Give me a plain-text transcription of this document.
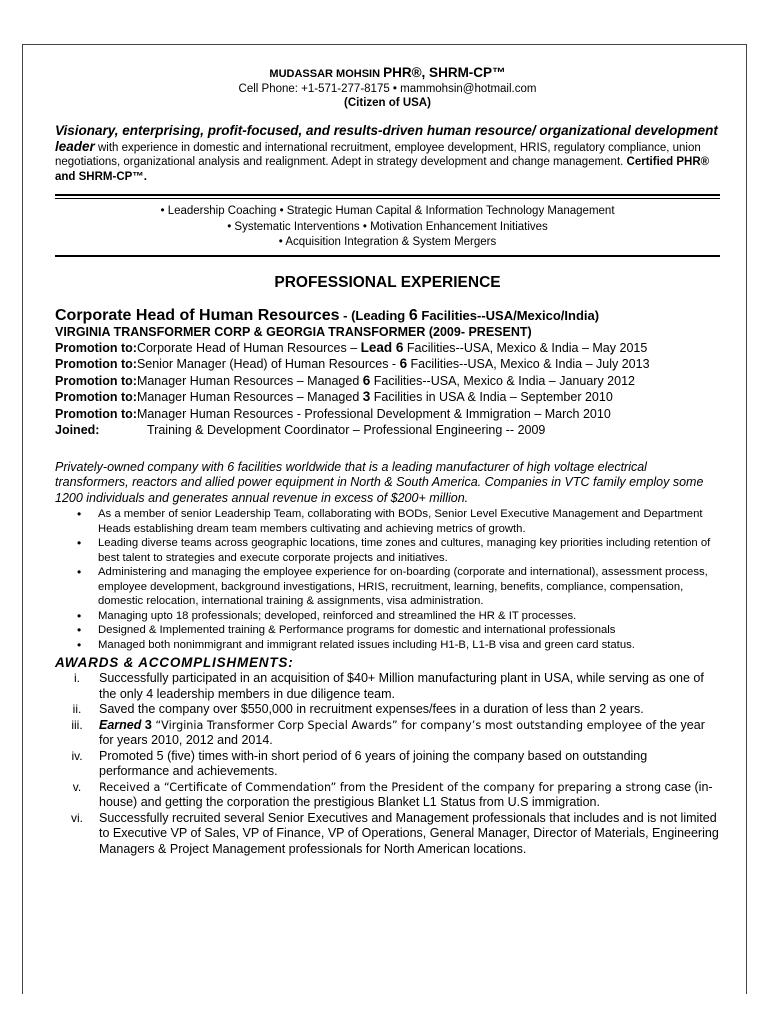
MUDASSAR MOHSIN PHR®, SHRM-CP™
Cell Phone: +1-571-277-8175 • mammohsin@hotmail.com
(Citizen of USA)
Visionary, enterprising, profit-focused, and results-driven human resource/ organizational development leader with experience in domestic and international recruitment, employee development, HRIS, regulatory compliance, union negotiations, organizational analysis and realignment. Adept in strategy development and change management. Certified PHR® and SHRM-CP™.
• Leadership Coaching • Strategic Human Capital & Information Technology Management
• Systematic Interventions • Motivation Enhancement Initiatives
• Acquisition Integration & System Mergers
PROFESSIONAL EXPERIENCE
Corporate Head of Human Resources - (Leading 6 Facilities--USA/Mexico/India)
VIRGINIA TRANSFORMER CORP & GEORGIA TRANSFORMER (2009- PRESENT)
Promotion to: Corporate Head of Human Resources – Lead 6 Facilities--USA, Mexico & India – May 2015
Promotion to: Senior Manager (Head) of Human Resources - 6 Facilities--USA, Mexico & India – July 2013
Promotion to: Manager Human Resources – Managed 6 Facilities--USA, Mexico & India – January 2012
Promotion to: Manager Human Resources – Managed 3 Facilities in USA & India – September 2010
Promotion to: Manager Human Resources - Professional Development & Immigration – March 2010
Joined:	Training & Development Coordinator – Professional Engineering -- 2009
Privately-owned company with 6 facilities worldwide that is a leading manufacturer of high voltage electrical transformers, reactors and allied power equipment in North & South America. Companies in VTC family employ some 1200 individuals and generates annual revenue in excess of $200+ million.
• As a member of senior Leadership Team, collaborating with BODs, Senior Level Executive Management and Department Heads establishing dream team members cultivating and achieving metrics of growth.
• Leading diverse teams across geographic locations, time zones and cultures, managing key priorities including retention of best talent to strategies and execute corporate projects and initiatives.
• Administering and managing the employee experience for on-boarding (corporate and international), assessment process, employee development, background investigations, HRIS, recruitment, learning, benefits, compliance, compensation, domestic relocation, international training & assignments, visa administration.
• Managing upto 18 professionals; developed, reinforced and streamlined the HR & IT processes.
• Designed & Implemented training & Performance programs for domestic and international professionals
• Managed both nonimmigrant and immigrant related issues including H1-B, L1-B visa and green card status.
AWARDS & ACCOMPLISHMENTS:
i.	Successfully participated in an acquisition of $40+ Million manufacturing plant in USA, while serving as one of the only 4 leadership members in due diligence team.
ii.	Saved the company over $550,000 in recruitment expenses/fees in a duration of less than 2 years.
iii.	Earned 3 “Virginia Transformer Corp Special Awards” for company’s most outstanding employee of the year for years 2010, 2012 and 2014.
iv.	Promoted 5 (five) times with-in short period of 6 years of joining the company based on outstanding performance and achievements.
v.	Received a “Certificate of Commendation” from the President of the company for preparing a strong case (in-house) and getting the corporation the prestigious Blanket L1 Status from U.S immigration.
vi.	Successfully recruited several Senior Executives and Management professionals that includes and is not limited to Executive VP of Sales, VP of Finance, VP of Operations, General Manager, Director of Materials, Engineering Managers & Project Management professionals for North American locations.
